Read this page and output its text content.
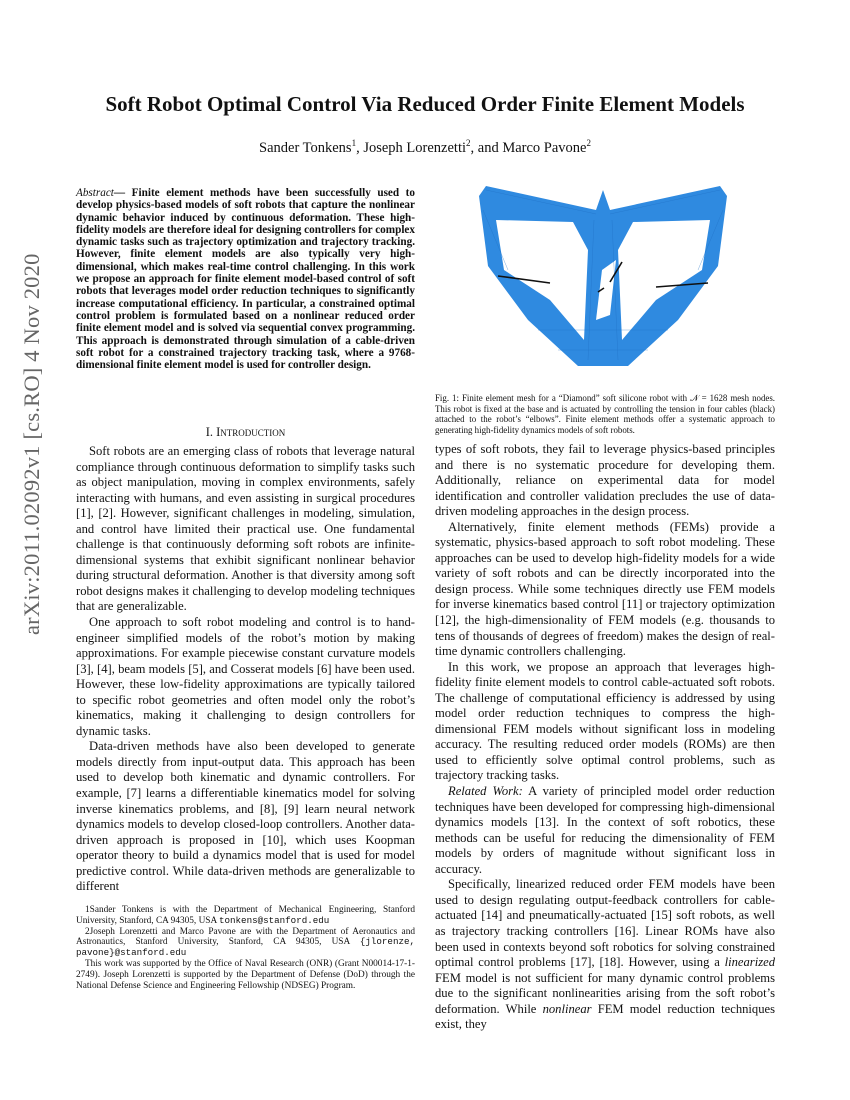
arXiv:2011.02092v1 [cs.RO] 4 Nov 2020
Soft Robot Optimal Control Via Reduced Order Finite Element Models
Sander Tonkens$^1$, Joseph Lorenzetti$^2$, and Marco Pavone$^2$
Abstract— Finite element methods have been successfully used to develop physics-based models of soft robots that capture the nonlinear dynamic behavior induced by continuous deformation. These high-fidelity models are therefore ideal for designing controllers for complex dynamic tasks such as trajectory optimization and trajectory tracking. However, finite element models are also typically very high-dimensional, which makes real-time control challenging. In this work we propose an approach for finite element model-based control of soft robots that leverages model order reduction techniques to significantly increase computational efficiency. In particular, a constrained optimal control problem is formulated based on a nonlinear reduced order finite element model and is solved via sequential convex programming. This approach is demonstrated through simulation of a cable-driven soft robot for a constrained trajectory tracking task, where a 9768-dimensional finite element model is used for controller design.
I. Introduction

Soft robots are an emerging class of robots that leverage natural compliance through continuous deformation to simplify tasks such as object manipulation, moving in complex environments, safely interacting with humans, and even assisting in surgical procedures [1], [2]. However, significant challenges in modeling, simulation, and control have limited their practical use. One fundamental challenge is that continuously deforming soft robots are infinite-dimensional systems that exhibit significant nonlinear behavior during structural deformation. Another is that diversity among soft robot designs makes it challenging to develop modeling techniques that are generalizable.

One approach to soft robot modeling and control is to hand-engineer simplified models of the robot’s motion by making approximations. For example piecewise constant curvature models [3], [4], beam models [5], and Cosserat models [6] have been used. However, these low-fidelity approximations are typically tailored to specific robot geometries and often model only the robot’s kinematics, making it challenging to design controllers for dynamic tasks.

Data-driven methods have also been developed to generate models directly from input-output data. This approach has been used to develop both kinematic and dynamic controllers. For example, [7] learns a differentiable kinematics model for solving inverse kinematics problems, and [8], [9] learn neural network dynamics models to develop closed-loop controllers. Another data-driven approach is proposed in [10], which uses Koopman operator theory to build a dynamics model that is used for model predictive control. While data-driven methods are generalizable to different

1Sander Tonkens is with the Department of Mechanical Engineering, Stanford University, Stanford, CA 94305, USA tonkens@stanford.edu
2Joseph Lorenzetti and Marco Pavone are with the Department of Aeronautics and Astronautics, Stanford University, Stanford, CA 94305, USA {jlorenze, pavone}@stanford.edu
This work was supported by the Office of Naval Research (ONR) (Grant N00014-17-1-2749). Joseph Lorenzetti is supported by the Department of Defense (DoD) through the National Defense Science and Engineering Fellowship (NDSEG) Program.
Fig. 1: Finite element mesh for a “Diamond” soft silicone robot with 𝒩 = 1628 mesh nodes. This robot is fixed at the base and is actuated by controlling the tension in four cables (black) attached to the robot’s “elbows”. Finite element methods offer a systematic approach to generating high-fidelity dynamics models of soft robots.

types of soft robots, they fail to leverage physics-based principles and there is no systematic procedure for developing them. Additionally, reliance on experimental data for model identification and controller validation precludes the use of data-driven modeling approaches in the design process.

Alternatively, finite element methods (FEMs) provide a systematic, physics-based approach to soft robot modeling. These approaches can be used to develop high-fidelity models for a wide variety of soft robots and can be directly incorporated into the design process. While some techniques directly use FEM models for inverse kinematics based control [11] or trajectory optimization [12], the high-dimensionality of FEM models (e.g. thousands to tens of thousands of degrees of freedom) makes the design of real-time dynamic controllers challenging.

In this work, we propose an approach that leverages high-fidelity finite element models to control cable-actuated soft robots. The challenge of computational efficiency is addressed by using model order reduction techniques to compress the high-dimensional FEM models without significant loss in modeling accuracy. The resulting reduced order models (ROMs) are then used to efficiently solve optimal control problems, such as trajectory tracking tasks.

Related Work: A variety of principled model order reduction techniques have been developed for compressing high-dimensional dynamics models [13]. In the context of soft robotics, these methods can be useful for reducing the dimensionality of FEM models by orders of magnitude without significant loss in accuracy.

Specifically, linearized reduced order FEM models have been used to design regulating output-feedback controllers for cable-actuated [14] and pneumatically-actuated [15] soft robots, as well as trajectory tracking controllers [16]. Linear ROMs have also been used in contexts beyond soft robotics for solving constrained optimal control problems [17], [18]. However, using a linearized FEM model is not sufficient for many dynamic control problems due to the significant nonlinearities arising from the soft robot’s deformation. While nonlinear FEM model reduction techniques exist, they
